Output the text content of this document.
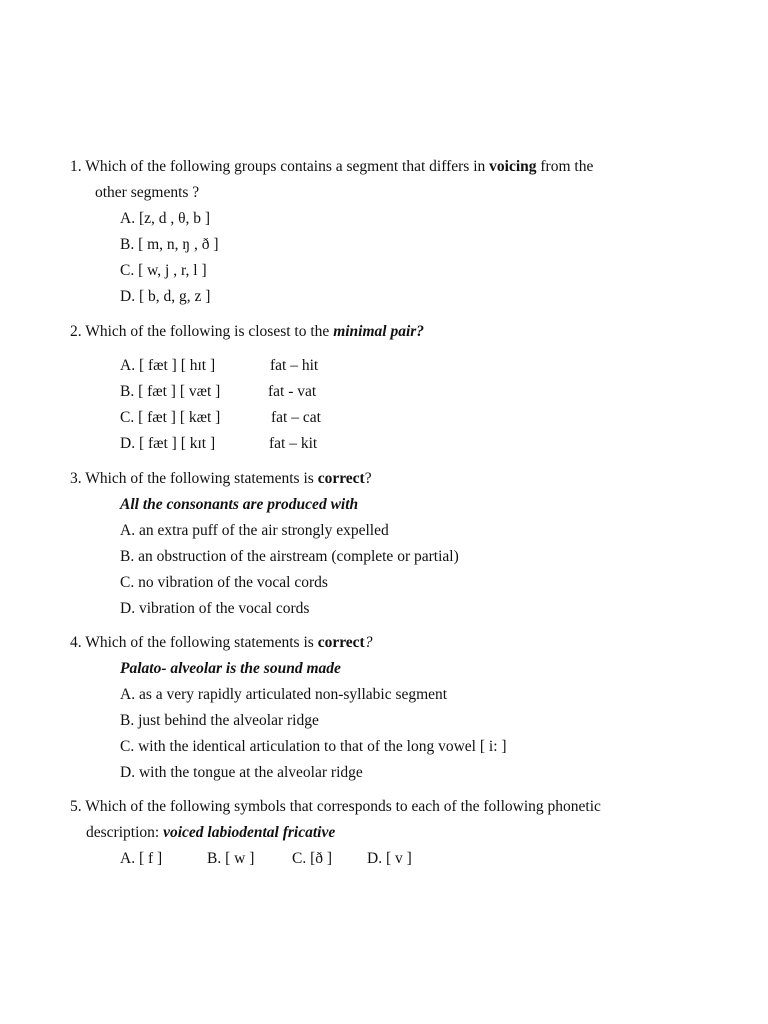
1. Which of the following groups contains a segment that differs in voicing from the
other segments ?
A. [z, d , θ, b ]
B. [ m, n, ŋ , ð ]
C. [ w, j , r, l ]
D. [ b, d, g, z ]
2. Which of the following is closest to the minimal pair?
A. [ fæt ] [ hɪt ]	fat – hit
B. [ fæt ] [ væt ]	fat - vat
C. [ fæt ] [ kæt ]	fat – cat
D. [ fæt ] [ kɪt ]	fat – kit
3. Which of the following statements is correct?
All the consonants are produced with
A. an extra puff of the air strongly expelled
B. an obstruction of the airstream (complete or partial)
C. no vibration of the vocal cords
D. vibration of the vocal cords
4. Which of the following statements is correct?
Palato- alveolar is the sound made
A. as a very rapidly articulated non-syllabic segment
B. just behind the alveolar ridge
C. with the identical articulation to that of the long vowel [ i: ]
D. with the tongue at the alveolar ridge
5. Which of the following symbols that corresponds to each of the following phonetic
description: voiced labiodental fricative
A. [ f ]	B. [ w ] C. [ð ] D. [ v ]
